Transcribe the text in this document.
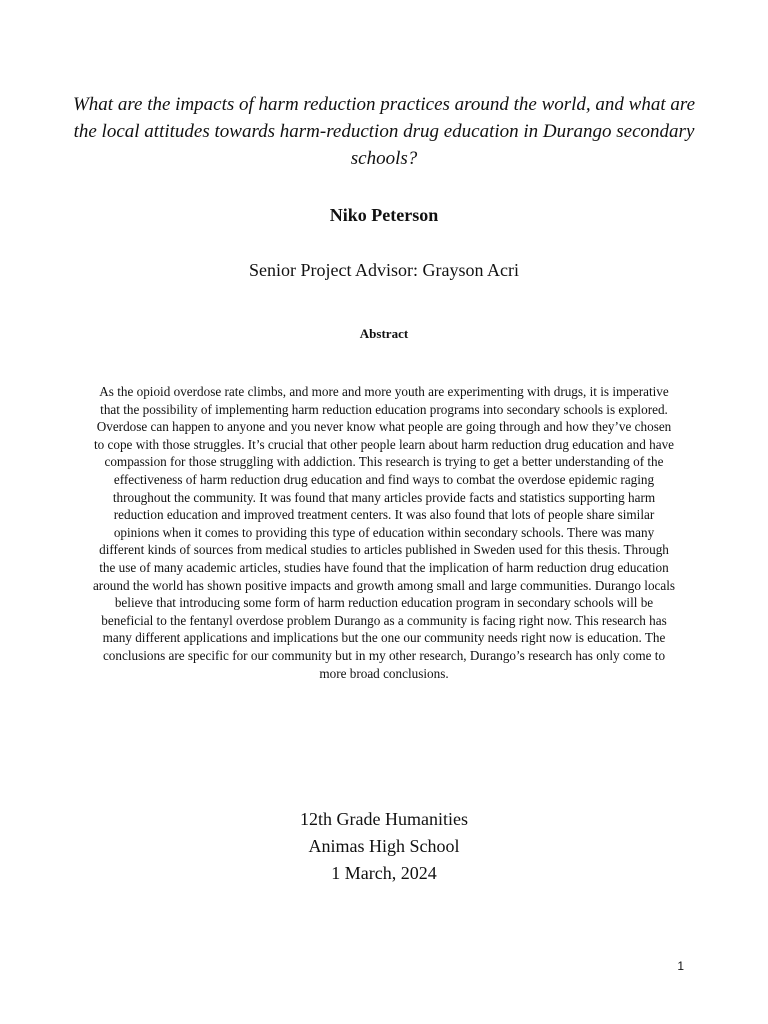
What are the impacts of harm reduction practices around the world, and what are the local attitudes towards harm-reduction drug education in Durango secondary schools?

Niko Peterson

Senior Project Advisor: Grayson Acri

Abstract

As the opioid overdose rate climbs, and more and more youth are experimenting with drugs, it is imperative that the possibility of implementing harm reduction education programs into secondary schools is explored. Overdose can happen to anyone and you never know what people are going through and how they’ve chosen to cope with those struggles. It’s crucial that other people learn about harm reduction drug education and have compassion for those struggling with addiction. This research is trying to get a better understanding of the effectiveness of harm reduction drug education and find ways to combat the overdose epidemic raging throughout the community. It was found that many articles provide facts and statistics supporting harm reduction education and improved treatment centers. It was also found that lots of people share similar opinions when it comes to providing this type of education within secondary schools. There was many different kinds of sources from medical studies to articles published in Sweden used for this thesis. Through the use of many academic articles, studies have found that the implication of harm reduction drug education around the world has shown positive impacts and growth among small and large communities. Durango locals believe that introducing some form of harm reduction education program in secondary schools will be beneficial to the fentanyl overdose problem Durango as a community is facing right now. This research has many different applications and implications but the one our community needs right now is education. The conclusions are specific for our community but in my other research, Durango’s research has only come to more broad conclusions.

12th Grade Humanities
Animas High School
1 March, 2024
1
